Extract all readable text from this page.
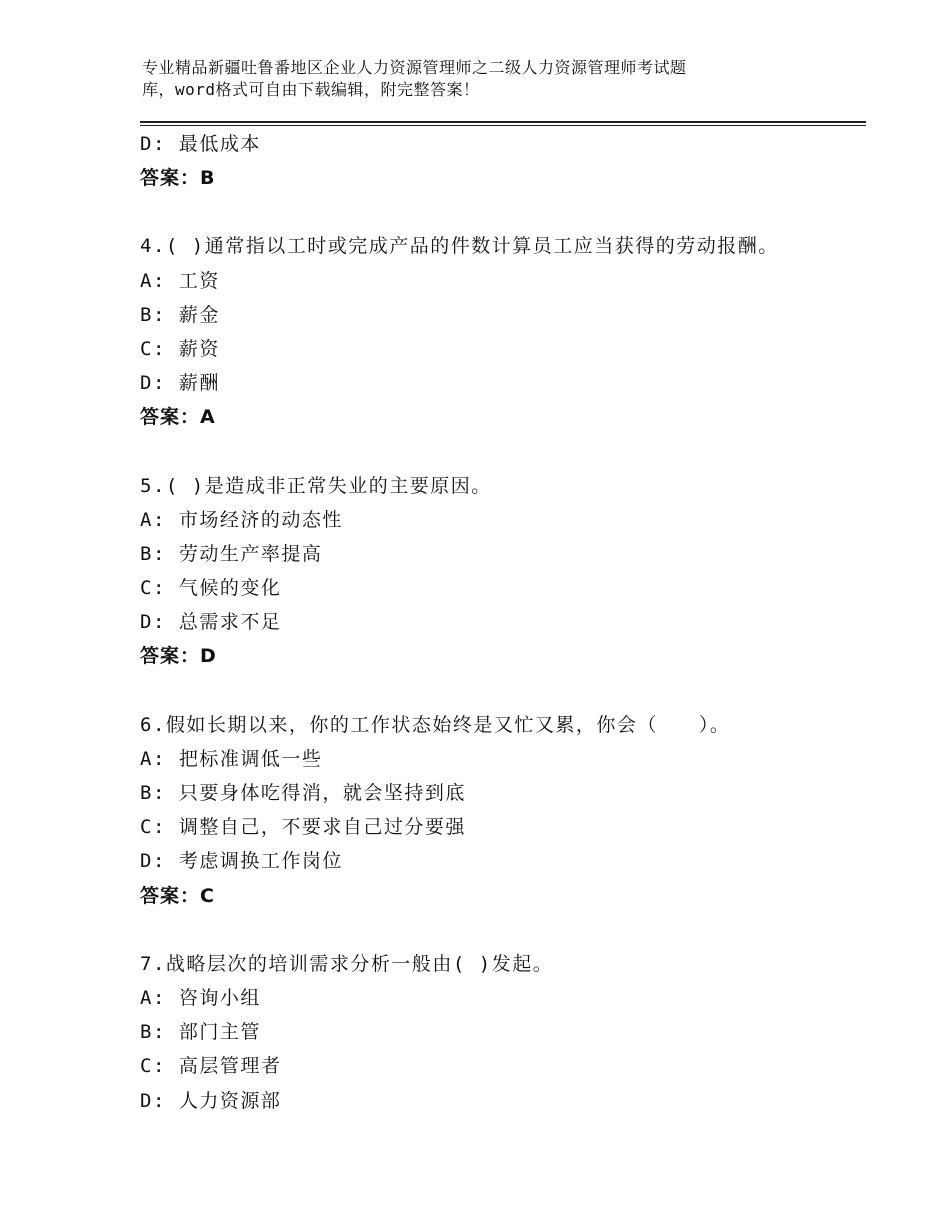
专业精品新疆吐鲁番地区企业人力资源管理师之二级人力资源管理师考试题
库，word格式可自由下载编辑，附完整答案！
D: 最低成本
答案：B
4.( )通常指以工时或完成产品的件数计算员工应当获得的劳动报酬。
A: 工资
B: 薪金
C: 薪资
D: 薪酬
答案：A
5.( )是造成非正常失业的主要原因。
A: 市场经济的动态性
B: 劳动生产率提高
C: 气候的变化
D: 总需求不足
答案：D
6.假如长期以来，你的工作状态始终是又忙又累，你会（　　）。
A: 把标准调低一些
B: 只要身体吃得消，就会坚持到底
C: 调整自己，不要求自己过分要强
D: 考虑调换工作岗位
答案：C
7.战略层次的培训需求分析一般由( )发起。
A: 咨询小组
B: 部门主管
C: 高层管理者
D: 人力资源部
